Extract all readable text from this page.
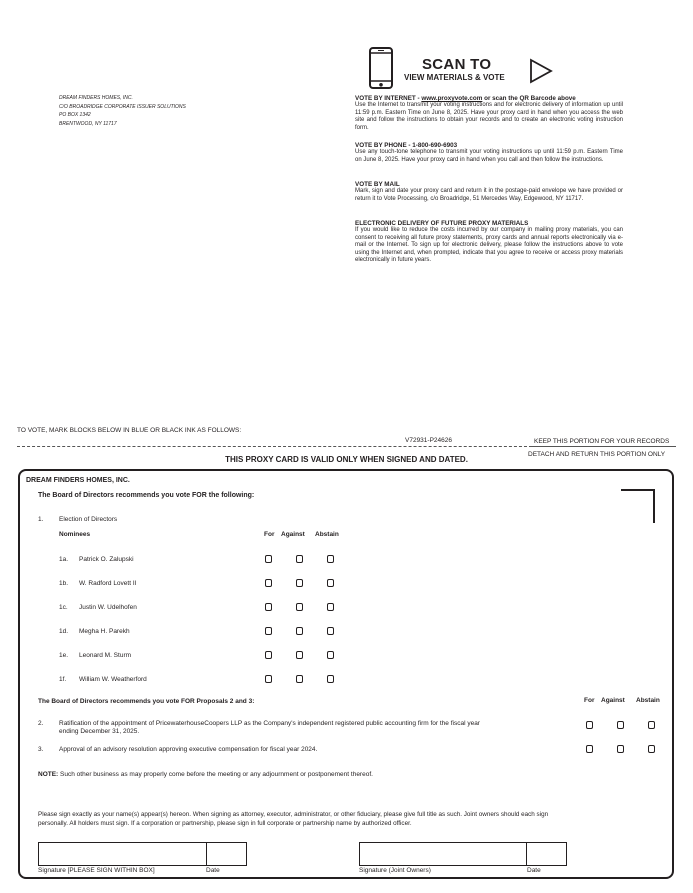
DREAM FINDERS HOMES, INC.
C/O BROADRIDGE CORPORATE ISSUER SOLUTIONS
PO BOX 1342
BRENTWOOD, NY 11717
SCAN TO
VIEW MATERIALS & VOTE
VOTE BY INTERNET - www.proxyvote.com or scan the QR Barcode above

Use the Internet to transmit your voting instructions and for electronic delivery of information up until 11:59 p.m. Eastern Time on June 8, 2025. Have your proxy card in hand when you access the web site and follow the instructions to obtain your records and to create an electronic voting instruction form.

VOTE BY PHONE - 1-800-690-6903

Use any touch-tone telephone to transmit your voting instructions up until 11:59 p.m. Eastern Time on June 8, 2025. Have your proxy card in hand when you call and then follow the instructions.

VOTE BY MAIL

Mark, sign and date your proxy card and return it in the postage-paid envelope we have provided or return it to Vote Processing, c/o Broadridge, 51 Mercedes Way, Edgewood, NY 11717.

ELECTRONIC DELIVERY OF FUTURE PROXY MATERIALS

If you would like to reduce the costs incurred by our company in mailing proxy materials, you can consent to receiving all future proxy statements, proxy cards and annual reports electronically via e-mail or the Internet. To sign up for electronic delivery, please follow the instructions above to vote using the Internet and, when prompted, indicate that you agree to receive or access proxy materials electronically in future years.

TO VOTE, MARK BLOCKS BELOW IN BLUE OR BLACK INK AS FOLLOWS:
V72931-P24626	KEEP THIS PORTION FOR YOUR RECORDS
DETACH AND RETURN THIS PORTION ONLY
THIS PROXY CARD IS VALID ONLY WHEN SIGNED AND DATED.
DREAM FINDERS HOMES, INC.
The Board of Directors recommends you vote FOR the following:
1. Election of Directors
Nominees	For Against Abstain
1a. Patrick O. Zalupski
1b. W. Radford Lovett II
1c. Justin W. Udelhofen
1d. Megha H. Parekh
1e. Leonard M. Sturm
1f. William W. Weatherford
The Board of Directors recommends you vote FOR Proposals 2 and 3:	For Against Abstain
2. Ratification of the appointment of PricewaterhouseCoopers LLP as the Company's independent registered public accounting firm for the fiscal year
ending December 31, 2025.
3. Approval of an advisory resolution approving executive compensation for fiscal year 2024.
NOTE: Such other business as may properly come before the meeting or any adjournment or postponement thereof.
Please sign exactly as your name(s) appear(s) hereon. When signing as attorney, executor, administrator, or other fiduciary, please give full title as such. Joint owners should each sign personally. All holders must sign. If a corporation or partnership, please sign in full corporate or partnership name by authorized officer.
Signature [PLEASE SIGN WITHIN BOX]	Date	Signature (Joint Owners)	Date
